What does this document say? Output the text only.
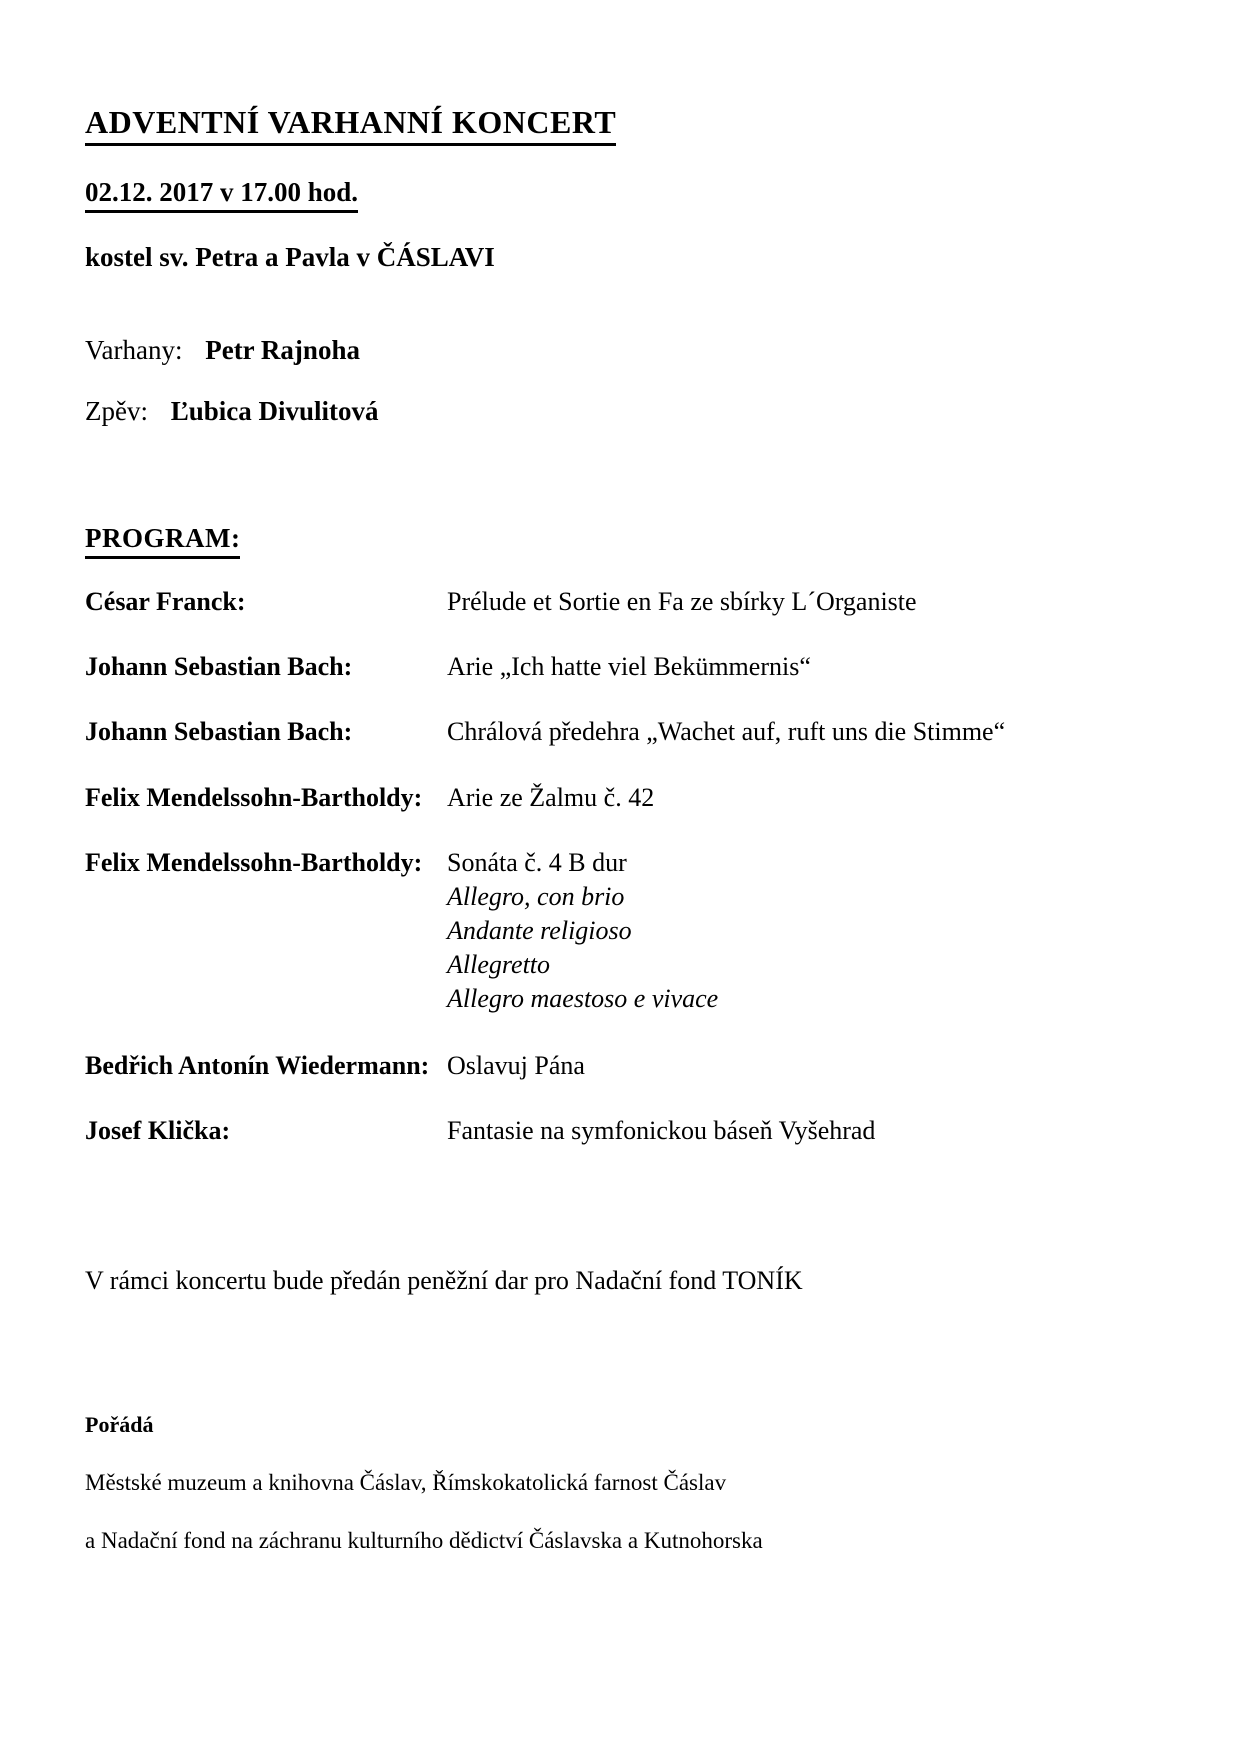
ADVENTNÍ VARHANNÍ KONCERT

02.12. 2017 v 17.00 hod.

kostel sv. Petra a Pavla v ČÁSLAVI

Varhany: Petr Rajnoha

Zpěv: Ľubica Divulitová

PROGRAM:
César Franck:	Prélude et Sortie en Fa ze sbírky L´Organiste
Johann Sebastian Bach:	Arie „Ich hatte viel Bekümmernis“
Johann Sebastian Bach:	Chrálová předehra „Wachet auf, ruft uns die Stimme“
Felix Mendelssohn-Bartholdy: Arie ze Žalmu č. 42
Felix Mendelssohn-Bartholdy: Sonáta č. 4 B dur
Allegro, con brio
Andante religioso
Allegretto
Allegro maestoso e vivace
Bedřich Antonín Wiedermann: Oslavuj Pána
Josef Klička:	Fantasie na symfonickou báseň Vyšehrad

V rámci koncertu bude předán peněžní dar pro Nadační fond TONÍK

Pořádá

Městské muzeum a knihovna Čáslav, Římskokatolická farnost Čáslav

a Nadační fond na záchranu kulturního dědictví Čáslavska a Kutnohorska
